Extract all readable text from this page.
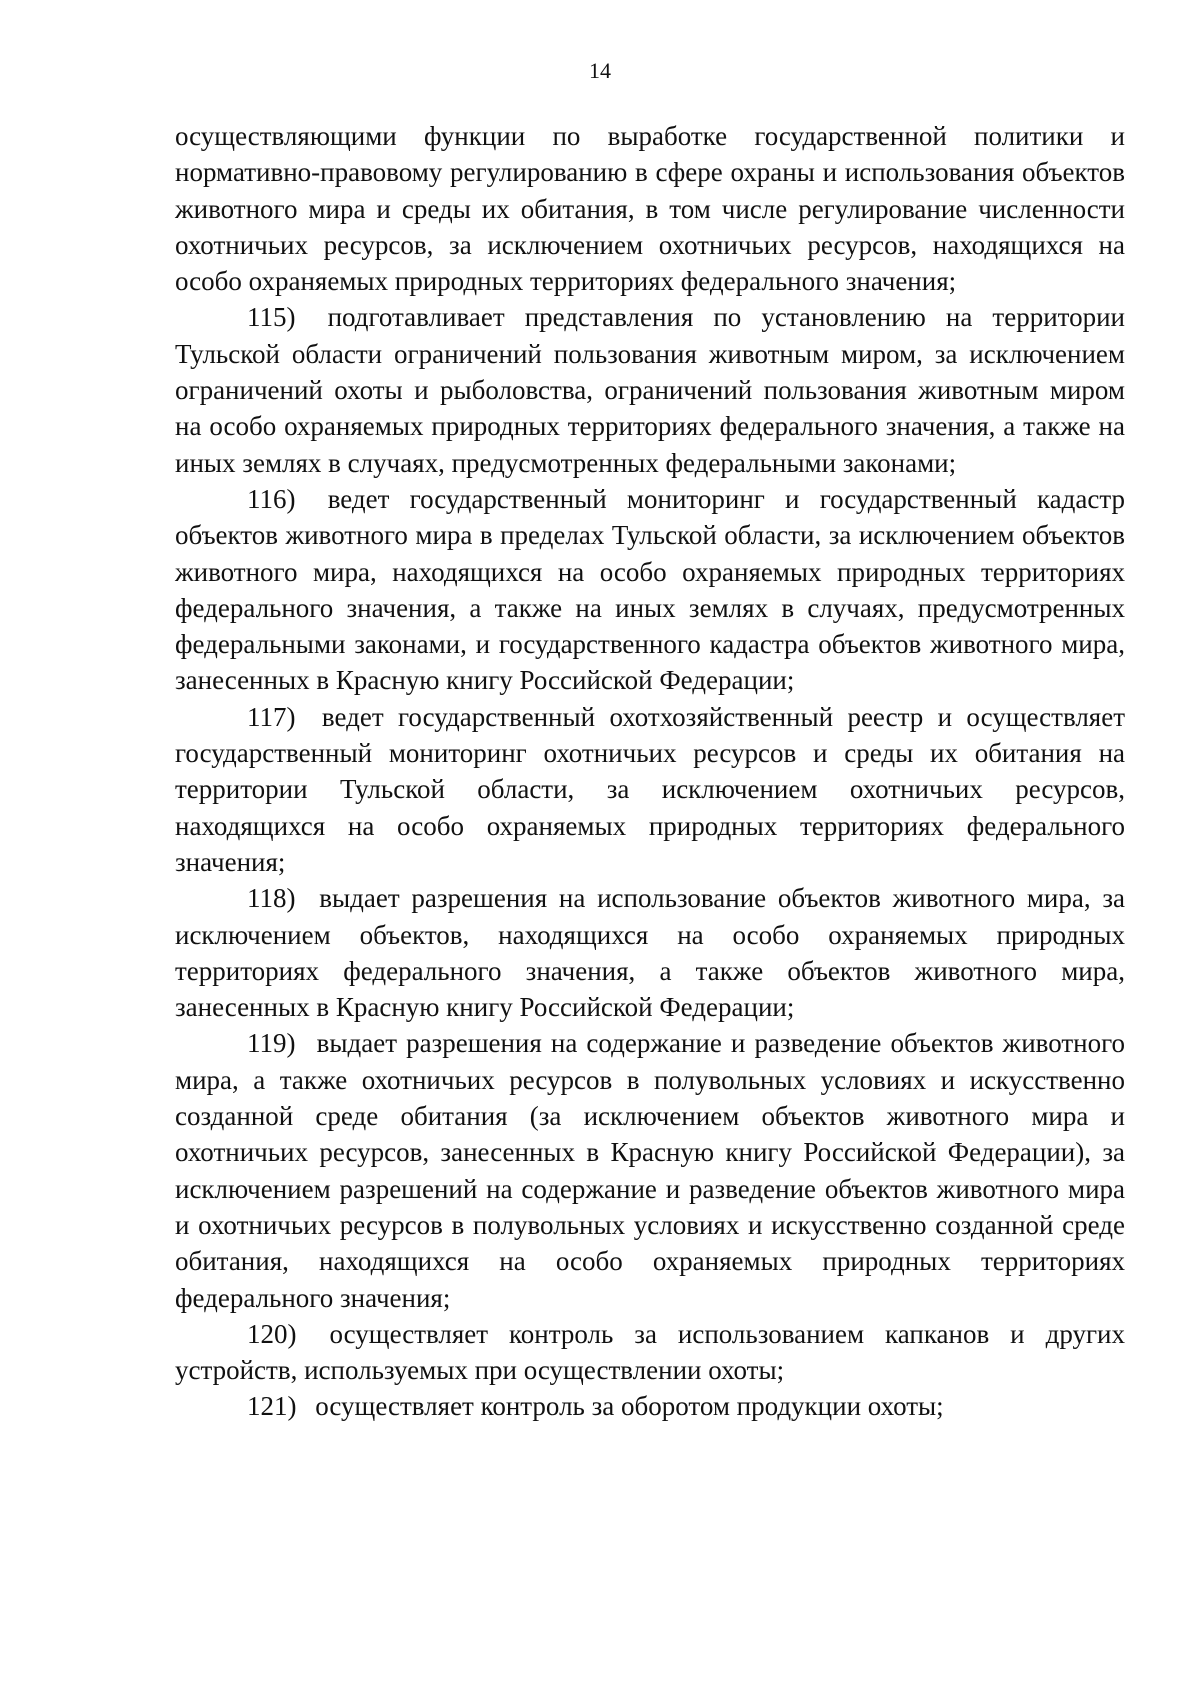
14

осуществляющими функции по выработке государственной политики и нормативно-правовому регулированию в сфере охраны и использования объектов животного мира и среды их обитания, в том числе регулирование численности охотничьих ресурсов, за исключением охотничьих ресурсов, находящихся на особо охраняемых природных территориях федерального значения;

115) подготавливает представления по установлению на территории Тульской области ограничений пользования животным миром, за исключением ограничений охоты и рыболовства, ограничений пользования животным миром на особо охраняемых природных территориях федерального значения, а также на иных землях в случаях, предусмотренных федеральными законами;

116) ведет государственный мониторинг и государственный кадастр объектов животного мира в пределах Тульской области, за исключением объектов животного мира, находящихся на особо охраняемых природных территориях федерального значения, а также на иных землях в случаях, предусмотренных федеральными законами, и государственного кадастра объектов животного мира, занесенных в Красную книгу Российской Федерации;

117) ведет государственный охотхозяйственный реестр и осуществляет государственный мониторинг охотничьих ресурсов и среды их обитания на территории Тульской области, за исключением охотничьих ресурсов, находящихся на особо охраняемых природных территориях федерального значения;

118) выдает разрешения на использование объектов животного мира, за исключением объектов, находящихся на особо охраняемых природных территориях федерального значения, а также объектов животного мира, занесенных в Красную книгу Российской Федерации;

119) выдает разрешения на содержание и разведение объектов животного мира, а также охотничьих ресурсов в полувольных условиях и искусственно созданной среде обитания (за исключением объектов животного мира и охотничьих ресурсов, занесенных в Красную книгу Российской Федерации), за исключением разрешений на содержание и разведение объектов животного мира и охотничьих ресурсов в полувольных условиях и искусственно созданной среде обитания, находящихся на особо охраняемых природных территориях федерального значения;

120) осуществляет контроль за использованием капканов и других устройств, используемых при осуществлении охоты;

121) осуществляет контроль за оборотом продукции охоты;
